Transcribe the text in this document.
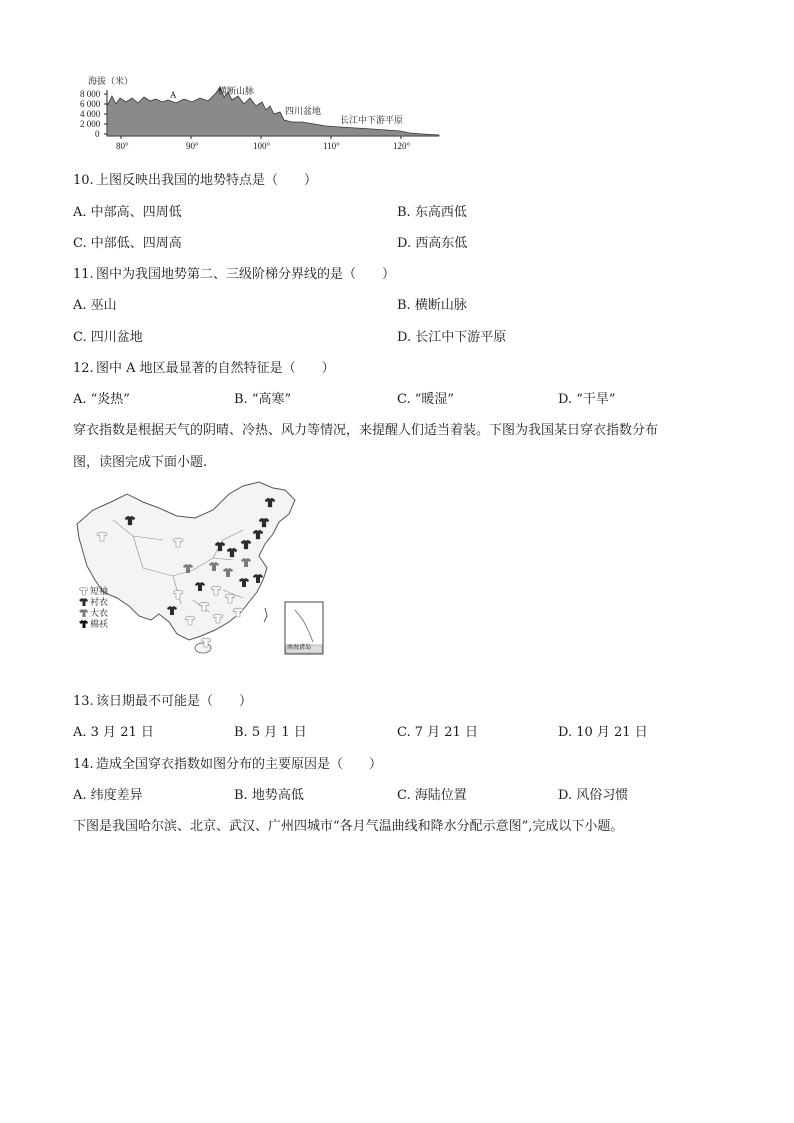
海拔（米）
8 000
6 000
4 000
2 000
0
A	横断山脉
四川盆地
长江中下游平原
80°	90°	100°	110°	120°
10. 上图反映出我国的地势特点是（　　）
A. 中部高、四周低	B. 东高西低
C. 中部低、四周高	D. 西高东低
11. 图中为我国地势第二、三级阶梯分界线的是（　　）
A. 巫山	B. 横断山脉
C. 四川盆地	D. 长江中下游平原
12. 图中 A 地区最显著的自然特征是（　　）
A. “炎热”	B. “高寒”	C. “暖湿”	D. “干旱”
穿衣指数是根据天气的阴晴、冷热、风力等情况，来提醒人们适当着装。下图为我国某日穿衣指数分布
图，读图完成下面小题.
南海诸岛
短袖
衬衣
大衣
棉袄
13. 该日期最不可能是（　　）
A. 3 月 21 日	B. 5 月 1 日	C. 7 月 21 日	D. 10 月 21 日
14. 造成全国穿衣指数如图分布的主要原因是（　　）
A. 纬度差异	B. 地势高低	C. 海陆位置	D. 风俗习惯
下图是我国哈尔滨、北京、武汉、广州四城市“各月气温曲线和降水分配示意图”,完成以下小题。
